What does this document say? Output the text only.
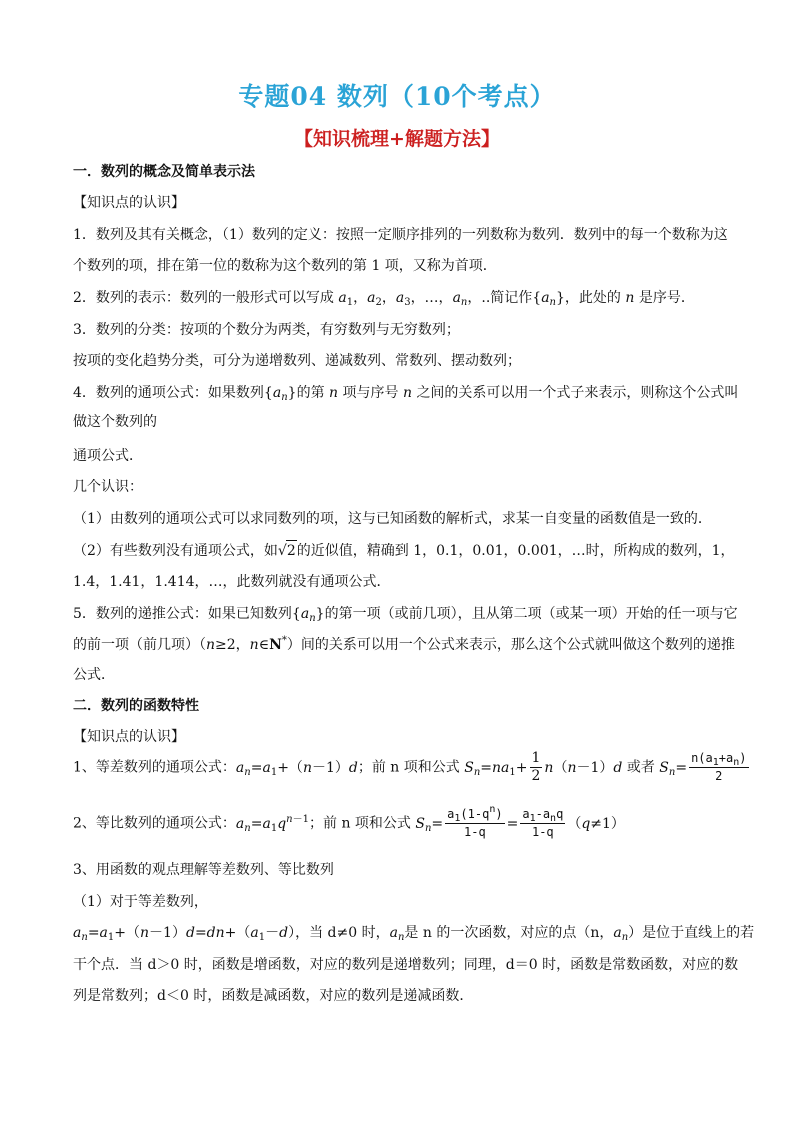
专题04 数列（10个考点）
【知识梳理+解题方法】
一．数列的概念及简单表示法
【知识点的认识】
1．数列及其有关概念，（1）数列的定义：按照一定顺序排列的一列数称为数列．数列中的每一个数称为这
个数列的项，排在第一位的数称为这个数列的第 1 项，又称为首项．
2．数列的表示：数列的一般形式可以写成 $a_1$，$a_2$，$a_3$，…，$a_n$，..简记作$\{a_n\}$，此处的 n 是序号．
3．数列的分类：按项的个数分为两类，有穷数列与无穷数列；
按项的变化趋势分类，可分为递增数列、递减数列、常数列、摆动数列；
4．数列的通项公式：如果数列$\{a_n\}$的第 n 项与序号 n 之间的关系可以用一个式子来表示，则称这个公式叫
做这个数列的
通项公式．
几个认识：
（1）由数列的通项公式可以求同数列的项，这与已知函数的解析式，求某一自变量的函数值是一致的．
（2）有些数列没有通项公式，如√2的近似值，精确到 1，0.1，0.01，0.001，…时，所构成的数列，1，
1.4，1.41，1.414，…，此数列就没有通项公式．
5．数列的递推公式：如果已知数列$\{a_n\}$的第一项（或前几项），且从第二项（或某一项）开始的任一项与它
的前一项（前几项）（n≥2，n∈N*）间的关系可以用一个公式来表示，那么这个公式就叫做这个数列的递推
公式．
二．数列的函数特性
【知识点的认识】
1、等差数列的通项公式：$a_n=a_1+(n-1)d$；前 n 项和公式 $S_n=na_1+ \frac{1}{2} n(n-1)d$ 或者 $S_n= \frac{n(a_1+a_n)}{2}$
2、等比数列的通项公式：$a_n=a_1q^{n-1}$；前 n 项和公式 $S_n= \frac{a_1(1-q^n)}{1-q} = \frac{a_1-a_nq}{1-q} (q\ne 1)$
3、用函数的观点理解等差数列、等比数列
（1）对于等差数列，
$a_n=a_1+(n-1)d=dn+(a_1-d)$，当 d≠0 时，$a_n$是 n 的一次函数，对应的点（n，$a_n$）是位于直线上的若
干个点．当 d＞0 时，函数是增函数，对应的数列是递增数列；同理，d＝0 时，函数是常数函数，对应的数
列是常数列；d＜0 时，函数是减函数，对应的数列是递减函数．
